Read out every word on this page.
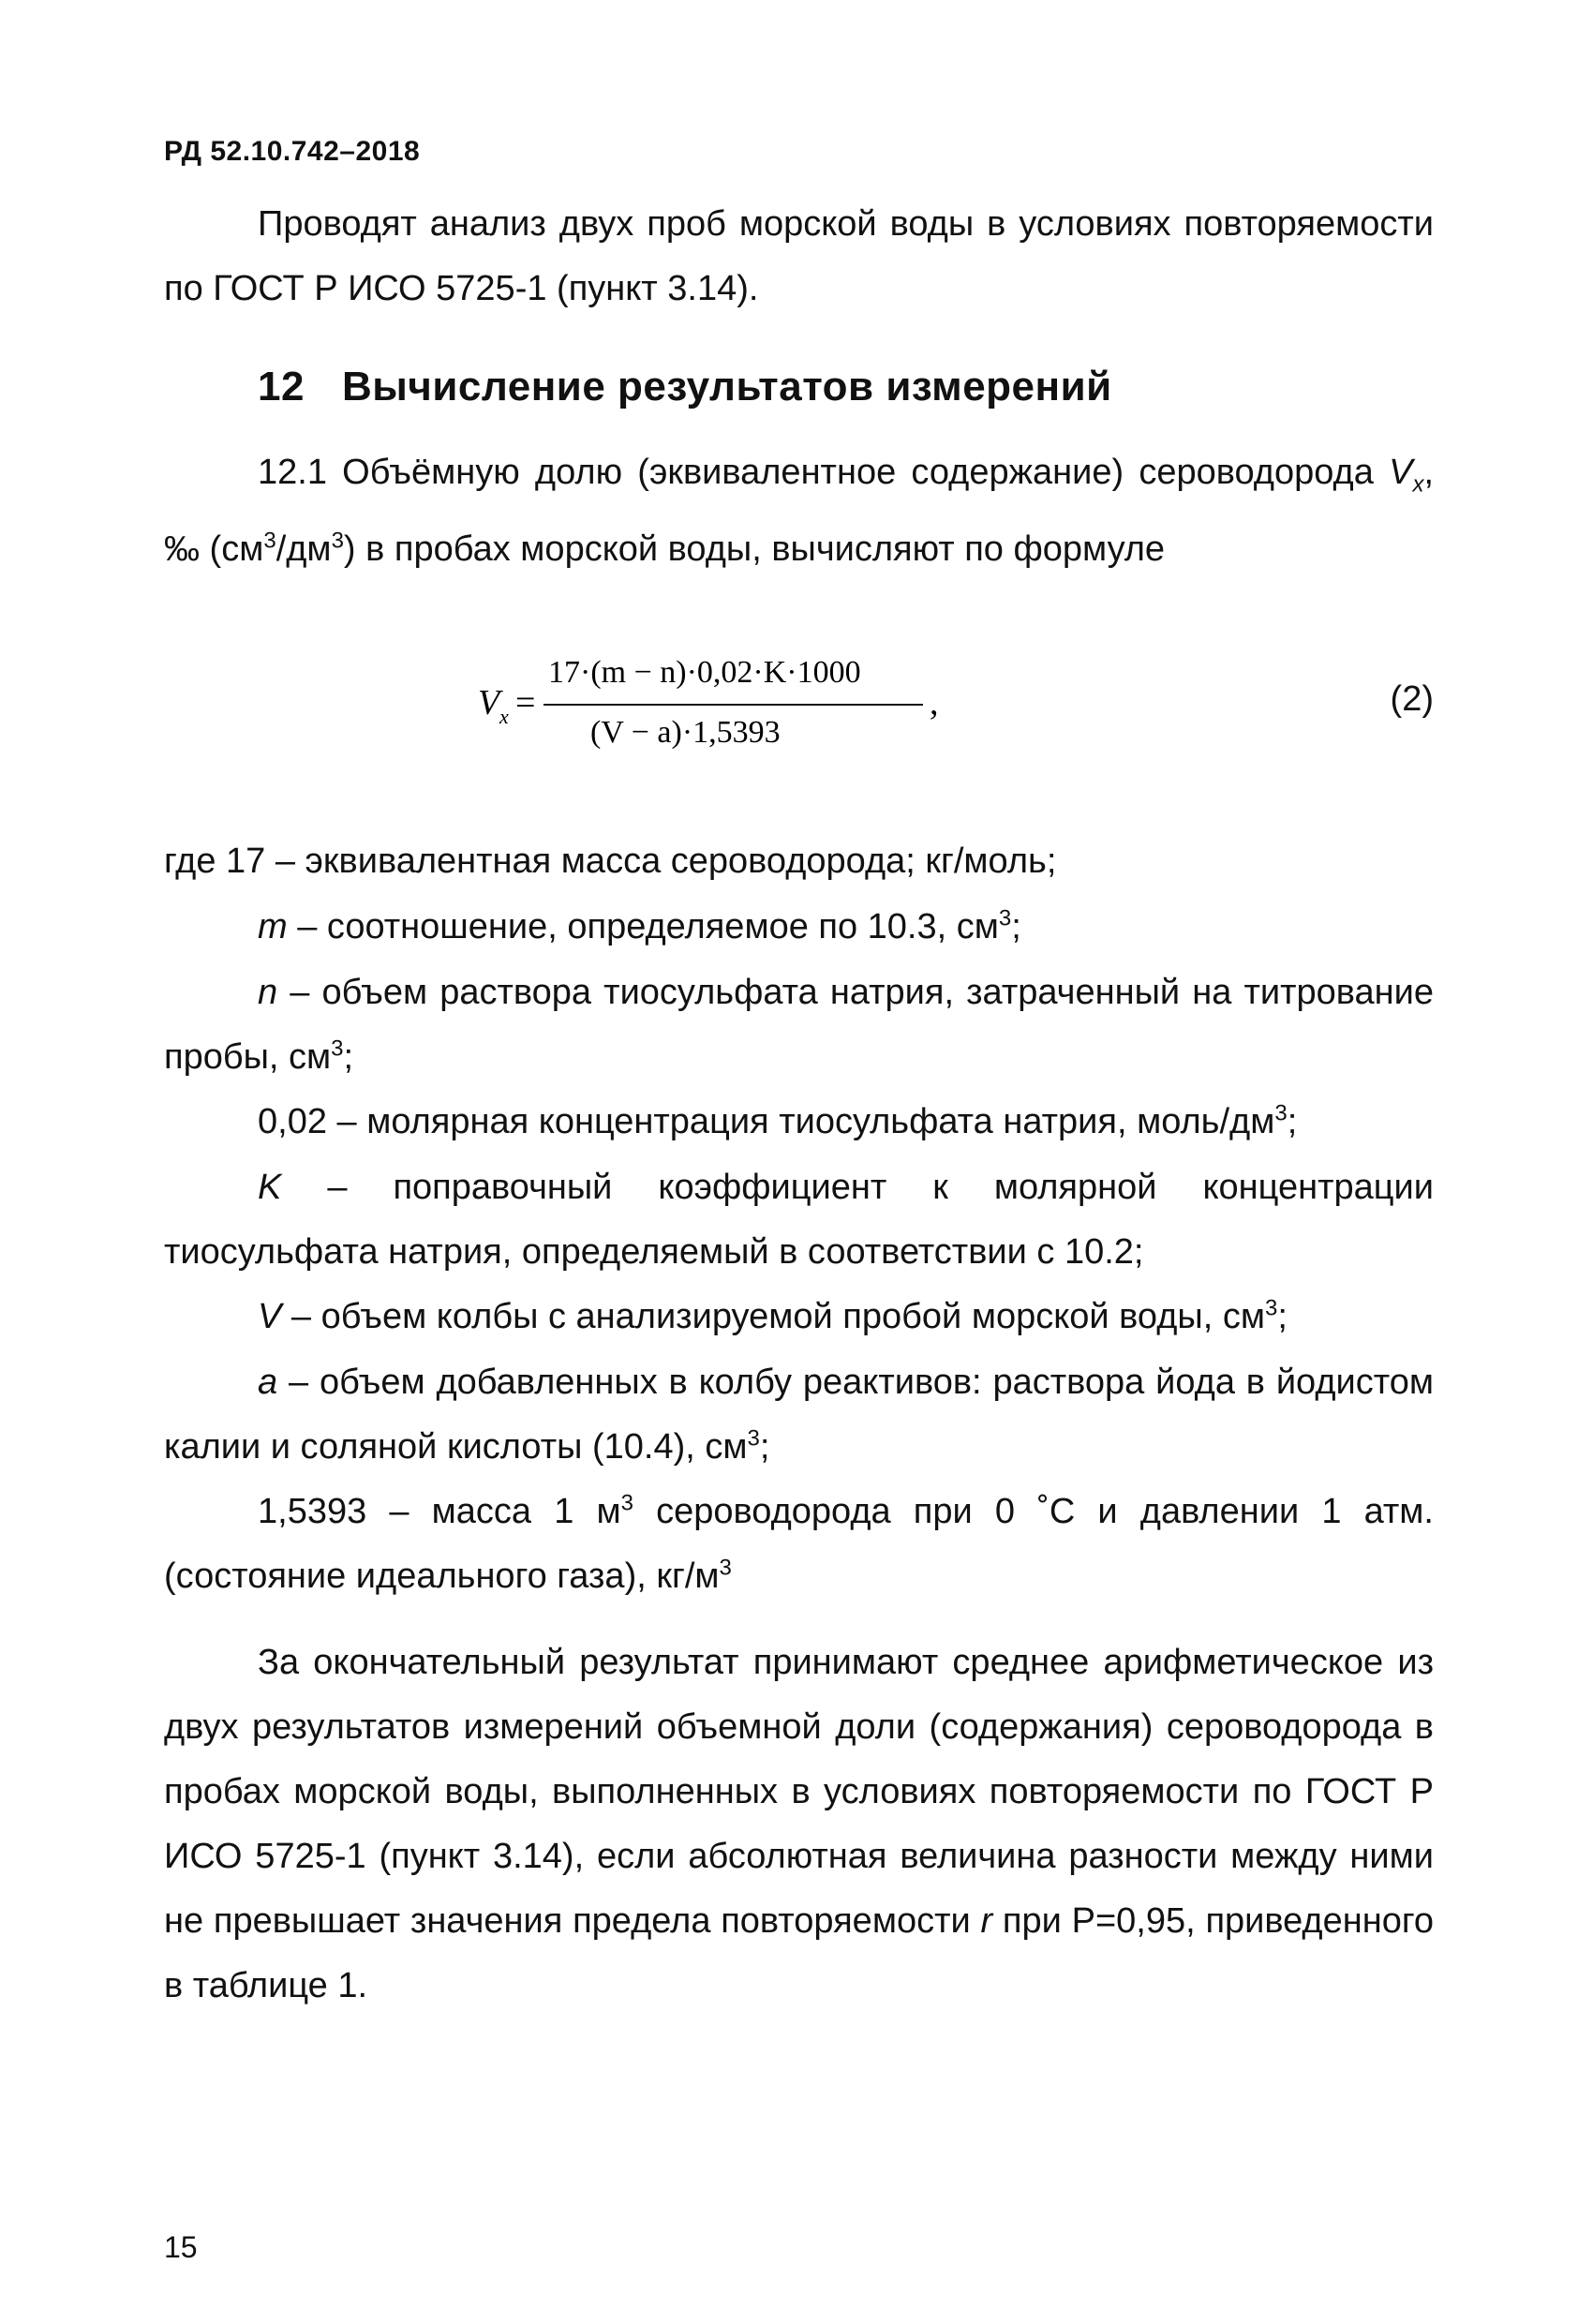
РД 52.10.742–2018
Проводят анализ двух проб морской воды в условиях повторяемости по ГОСТ Р ИСО 5725-1 (пункт 3.14).
12 Вычисление результатов измерений
12.1 Объёмную долю (эквивалентное содержание) сероводорода $V_x$, ‰ $(см^3/дм^3)$ в пробах морской воды, вычисляют по формуле
V x =
17·(m − n)·0,02·K·1000
(V − a)·1,5393
,	(2)
где 17 – эквивалентная масса сероводорода; кг/моль;
m – соотношение, определяемое по 10.3, $см^3$;
n – объем раствора тиосульфата натрия, затраченный на титрование пробы, $см^3$;
0,02 – молярная концентрация тиосульфата натрия, моль/$дм^3$;
K – поправочный коэффициент к молярной концентрации тиосульфата натрия, определяемый в соответствии с 10.2;
V – объем колбы с анализируемой пробой морской воды, $см^3$;
a – объем добавленных в колбу реактивов: раствора йода в йодистом калии и соляной кислоты (10.4), $см^3$;
1,5393 – масса 1 $м^3$ сероводорода при 0 ˚С и давлении 1 атм. (состояние идеального газа), $кг/м^3$
За окончательный результат принимают среднее арифметическое из двух результатов измерений объемной доли (содержания) сероводорода в пробах морской воды, выполненных в условиях повторяемости по ГОСТ Р ИСО 5725-1 (пункт 3.14), если абсолютная величина разности между ними не превышает значения предела повторяемости r при P=0,95, приведенного в таблице 1.
15
